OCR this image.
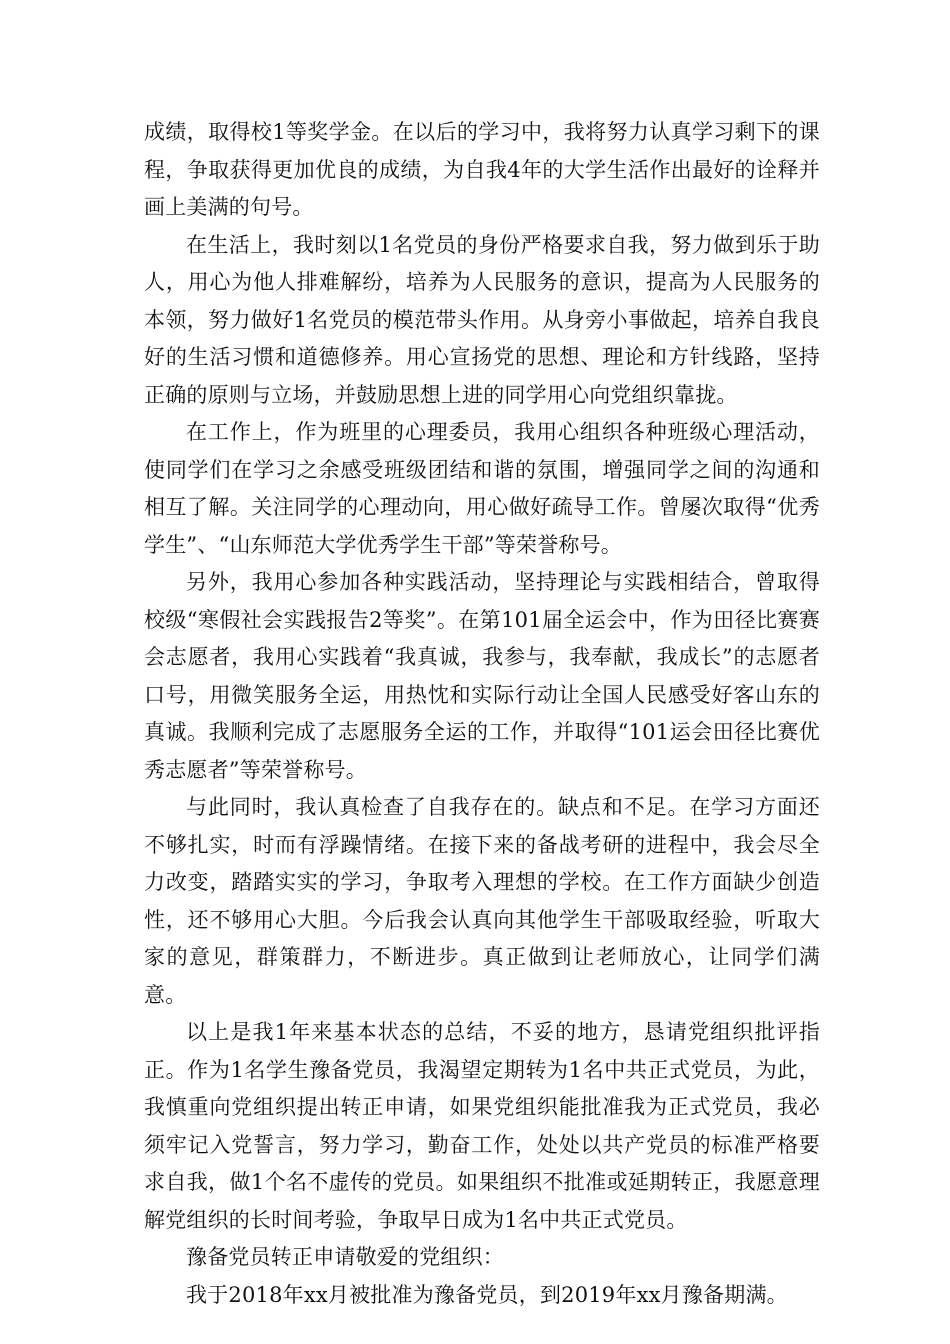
成绩，取得校1等奖学金。在以后的学习中，我将努力认真学习剩下的课程，争取获得更加优良的成绩，为自我4年的大学生活作出最好的诠释并画上美满的句号。

在生活上，我时刻以1名党员的身份严格要求自我，努力做到乐于助人，用心为他人排难解纷，培养为人民服务的意识，提高为人民服务的本领，努力做好1名党员的模范带头作用。从身旁小事做起，培养自我良好的生活习惯和道德修养。用心宣扬党的思想、理论和方针线路，坚持正确的原则与立场，并鼓励思想上进的同学用心向党组织靠拢。

在工作上，作为班里的心理委员，我用心组织各种班级心理活动，使同学们在学习之余感受班级团结和谐的氛围，增强同学之间的沟通和相互了解。关注同学的心理动向，用心做好疏导工作。曾屡次取得“优秀学生”、“山东师范大学优秀学生干部”等荣誉称号。

另外，我用心参加各种实践活动，坚持理论与实践相结合，曾取得校级“寒假社会实践报告2等奖”。在第101届全运会中，作为田径比赛赛会志愿者，我用心实践着“我真诚，我参与，我奉献，我成长”的志愿者口号，用微笑服务全运，用热忱和实际行动让全国人民感受好客山东的真诚。我顺利完成了志愿服务全运的工作，并取得“101运会田径比赛优秀志愿者”等荣誉称号。

与此同时，我认真检查了自我存在的。缺点和不足。在学习方面还不够扎实，时而有浮躁情绪。在接下来的备战考研的进程中，我会尽全力改变，踏踏实实的学习，争取考入理想的学校。在工作方面缺少创造性，还不够用心大胆。今后我会认真向其他学生干部吸取经验，听取大家的意见，群策群力，不断进步。真正做到让老师放心，让同学们满意。

以上是我1年来基本状态的总结，不妥的地方，恳请党组织批评指正。作为1名学生豫备党员，我渴望定期转为1名中共正式党员，为此，我慎重向党组织提出转正申请，如果党组织能批准我为正式党员，我必须牢记入党誓言，努力学习，勤奋工作，处处以共产党员的标准严格要求自我，做1个名不虚传的党员。如果组织不批准或延期转正，我愿意理解党组织的长时间考验，争取早日成为1名中共正式党员。

豫备党员转正申请敬爱的党组织：

我于2018年xx月被批准为豫备党员，到2019年xx月豫备期满。
